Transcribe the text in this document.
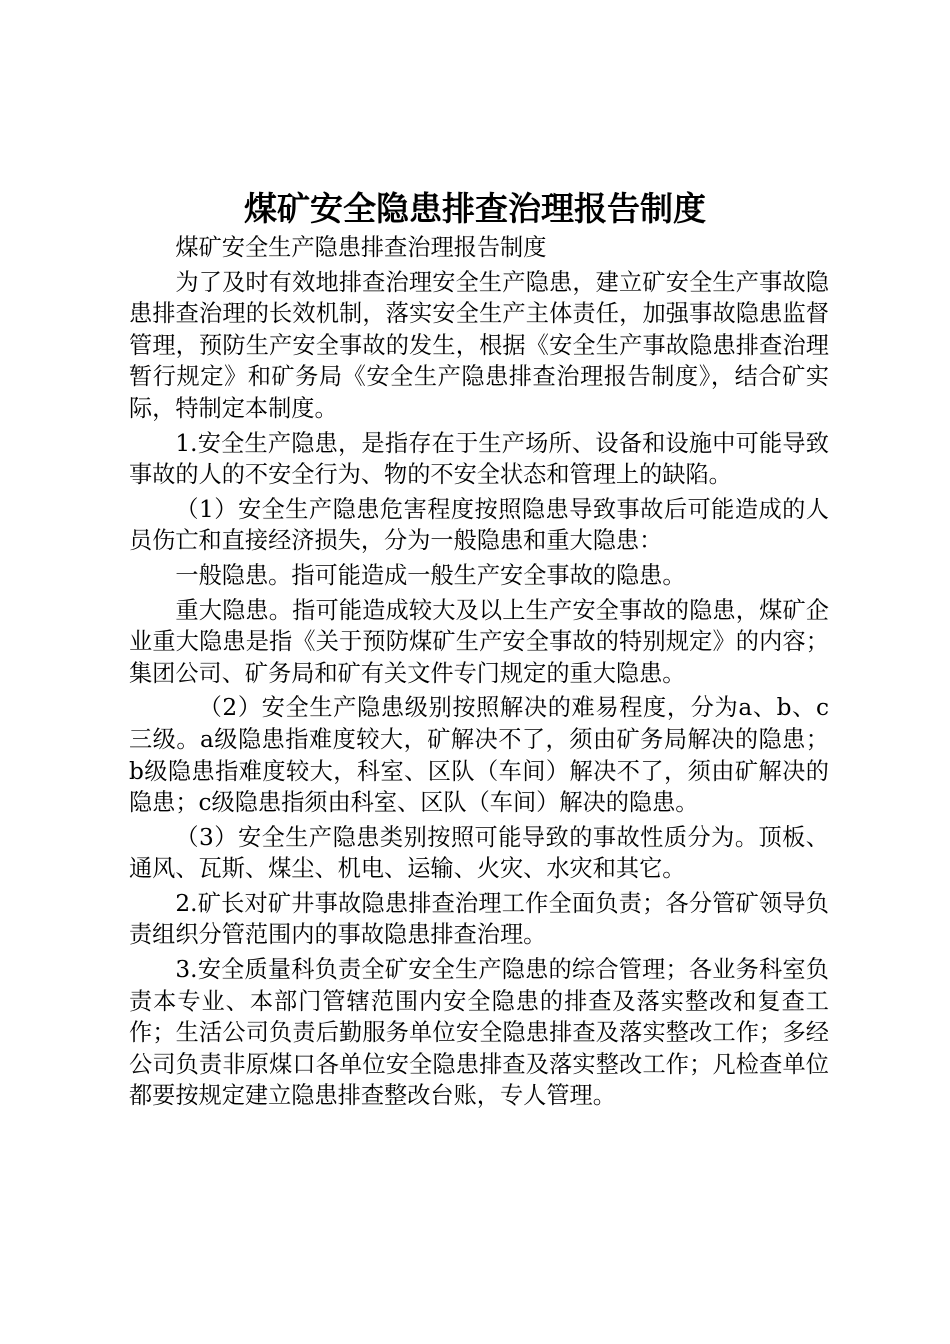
煤矿安全隐患排查治理报告制度

煤矿安全生产隐患排查治理报告制度

为了及时有效地排查治理安全生产隐患，建立矿安全生产事故隐患排查治理的长效机制，落实安全生产主体责任，加强事故隐患监督管理，预防生产安全事故的发生，根据《安全生产事故隐患排查治理暂行规定》和矿务局《安全生产隐患排查治理报告制度》，结合矿实际，特制定本制度。

1.安全生产隐患，是指存在于生产场所、设备和设施中可能导致事故的人的不安全行为、物的不安全状态和管理上的缺陷。

（1）安全生产隐患危害程度按照隐患导致事故后可能造成的人员伤亡和直接经济损失，分为一般隐患和重大隐患：

一般隐患。指可能造成一般生产安全事故的隐患。

重大隐患。指可能造成较大及以上生产安全事故的隐患，煤矿企业重大隐患是指《关于预防煤矿生产安全事故的特别规定》的内容；集团公司、矿务局和矿有关文件专门规定的重大隐患。

（2）安全生产隐患级别按照解决的难易程度，分为a、b、c三级。a级隐患指难度较大，矿解决不了，须由矿务局解决的隐患；b级隐患指难度较大，科室、区队（车间）解决不了，须由矿解决的隐患；c级隐患指须由科室、区队（车间）解决的隐患。

（3）安全生产隐患类别按照可能导致的事故性质分为。顶板、通风、瓦斯、煤尘、机电、运输、火灾、水灾和其它。

2.矿长对矿井事故隐患排查治理工作全面负责；各分管矿领导负责组织分管范围内的事故隐患排查治理。

3.安全质量科负责全矿安全生产隐患的综合管理；各业务科室负责本专业、本部门管辖范围内安全隐患的排查及落实整改和复查工作；生活公司负责后勤服务单位安全隐患排查及落实整改工作；多经公司负责非原煤口各单位安全隐患排查及落实整改工作；凡检查单位都要按规定建立隐患排查整改台账，专人管理。
